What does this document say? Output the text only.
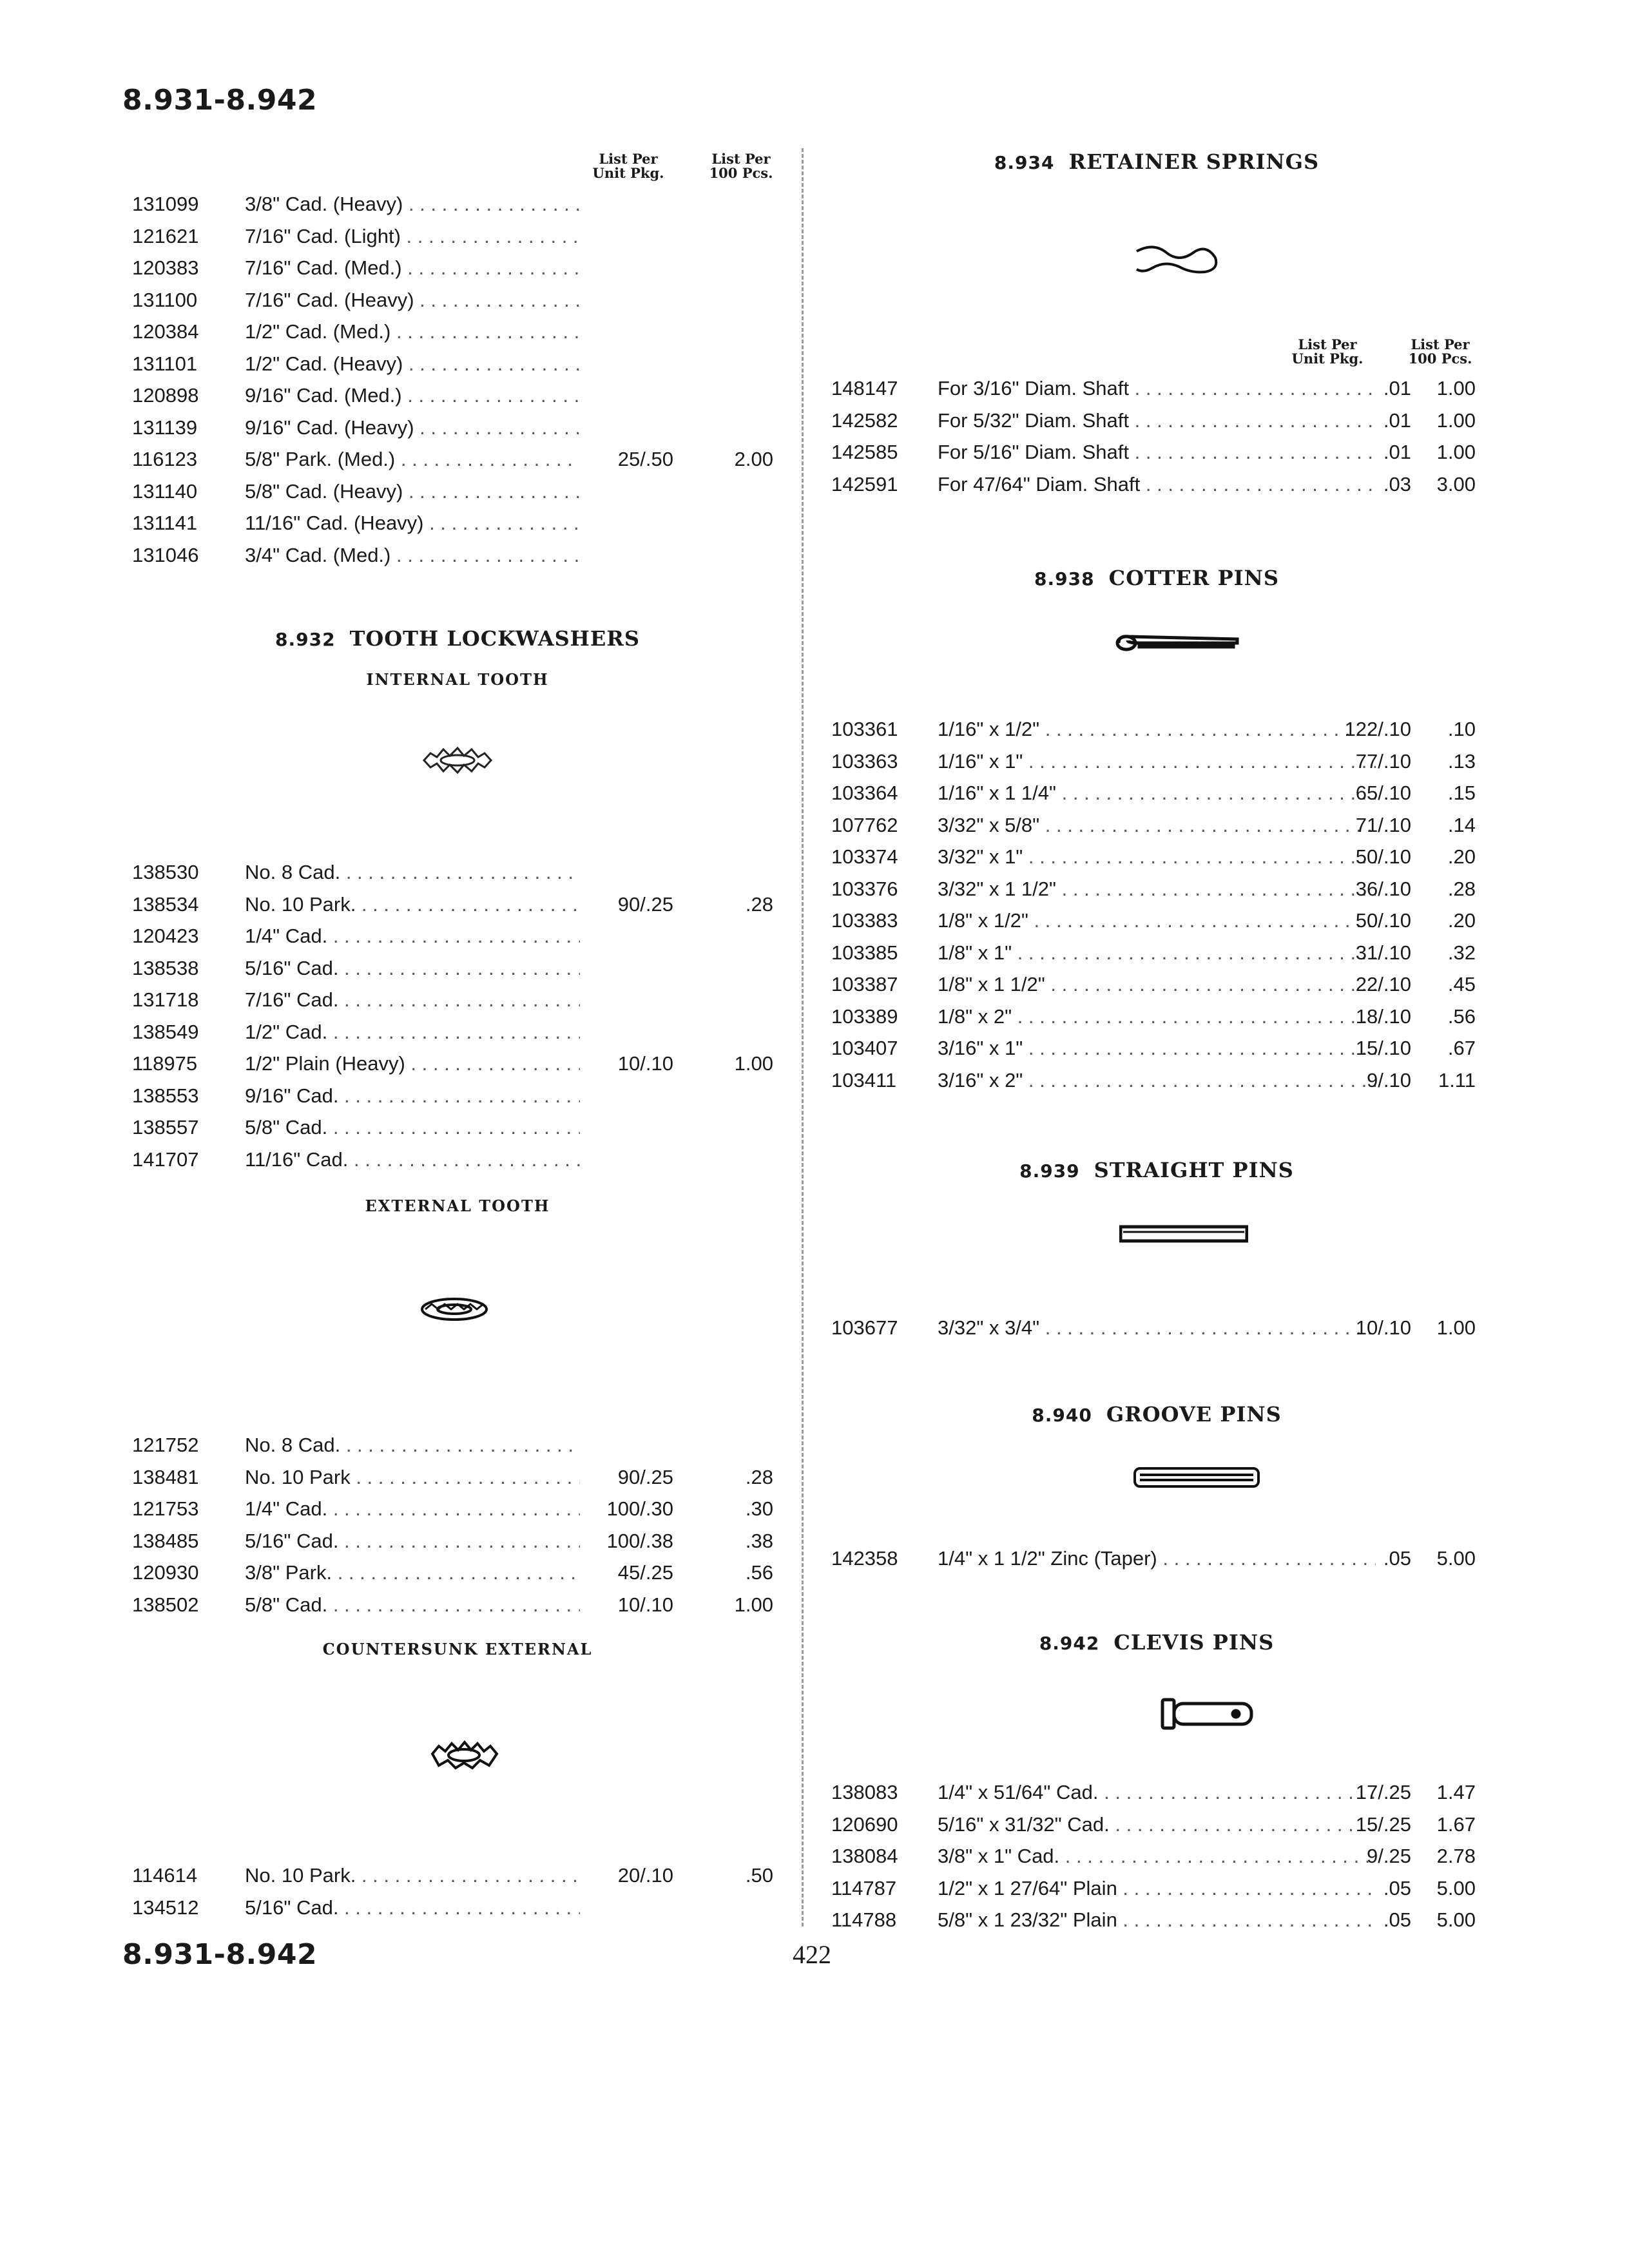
8.931-8.942
8.931-8.942	422
List Per
Unit Pkg.
List Per
100 Pcs.
131099 3/8" Cad. (Heavy) . . .
121621 7/16" Cad. (Light) . . .
120383 7/16" Cad. (Med.) . . .
131100 7/16" Cad. (Heavy) . . .
120384 1/2" Cad. (Med.) . . .
131101 1/2" Cad. (Heavy) . . .
120898 9/16" Cad. (Med.) . . .
131139 9/16" Cad. (Heavy) . . .
116123 5/8" Park. (Med.) . . .	25/.50	2.00
131140 5/8" Cad. (Heavy) . . .
131141 11/16" Cad. (Heavy) . . .
131046 3/4" Cad. (Med.) . . .
8.932 TOOTH LOCKWASHERS
INTERNAL TOOTH
138530 No. 8 Cad. . . .
138534 No. 10 Park. . . .	90/.25	.28
120423 1/4" Cad. . . .
138538 5/16" Cad. . . .
131718 7/16" Cad. . . .
138549 1/2" Cad. . . .
118975 1/2" Plain (Heavy) . . .	10/.10	1.00
138553 9/16" Cad. . . .
138557 5/8" Cad. . . .
141707 11/16" Cad. . . .
EXTERNAL TOOTH
121752 No. 8 Cad. . . .
138481 No. 10 Park . . .	90/.25	.28
121753 1/4" Cad. . . .	100/.30	.30
138485 5/16" Cad. . . .	100/.38	.38
120930 3/8" Park. . . .	45/.25	.56
138502 5/8" Cad. . . .	10/.10	1.00
COUNTERSUNK EXTERNAL
114614 No. 10 Park. . . .	20/.10	.50
134512 5/16" Cad. . . .
8.934 RETAINER SPRINGS
List Per
Unit Pkg.
List Per
100 Pcs.
148147 For 3/16" Diam. Shaft . . .	.01	1.00
142582 For 5/32" Diam. Shaft . . .	.01	1.00
142585 For 5/16" Diam. Shaft . . .	.01	1.00
142591 For 47/64" Diam. Shaft . . .	.03	3.00
8.938 COTTER PINS
103361 1/16" x 1/2" . . .	122/.10	.10
103363 1/16" x 1" . . .	77/.10	.13
103364 1/16" x 1 1/4" . . .	65/.10	.15
107762 3/32" x 5/8" . . .	71/.10	.14
103374 3/32" x 1" . . .	50/.10	.20
103376 3/32" x 1 1/2" . . .	36/.10	.28
103383 1/8" x 1/2" . . .	50/.10	.20
103385 1/8" x 1" . . .	31/.10	.32
103387 1/8" x 1 1/2" . . .	22/.10	.45
103389 1/8" x 2" . . .	18/.10	.56
103407 3/16" x 1" . . .	15/.10	.67
103411 3/16" x 2" . . .	9/.10	1.11
8.939 STRAIGHT PINS
103677 3/32" x 3/4" . . .	10/.10	1.00
8.940 GROOVE PINS
142358 1/4" x 1 1/2" Zinc (Taper) . . .	.05	5.00
8.942 CLEVIS PINS
138083 1/4" x 51/64" Cad. . . .	17/.25	1.47
120690 5/16" x 31/32" Cad. . . .	15/.25	1.67
138084 3/8" x 1" Cad. . . .	9/.25	2.78
114787 1/2" x 1 27/64" Plain . . .	.05	5.00
114788 5/8" x 1 23/32" Plain . . .	.05	5.00
